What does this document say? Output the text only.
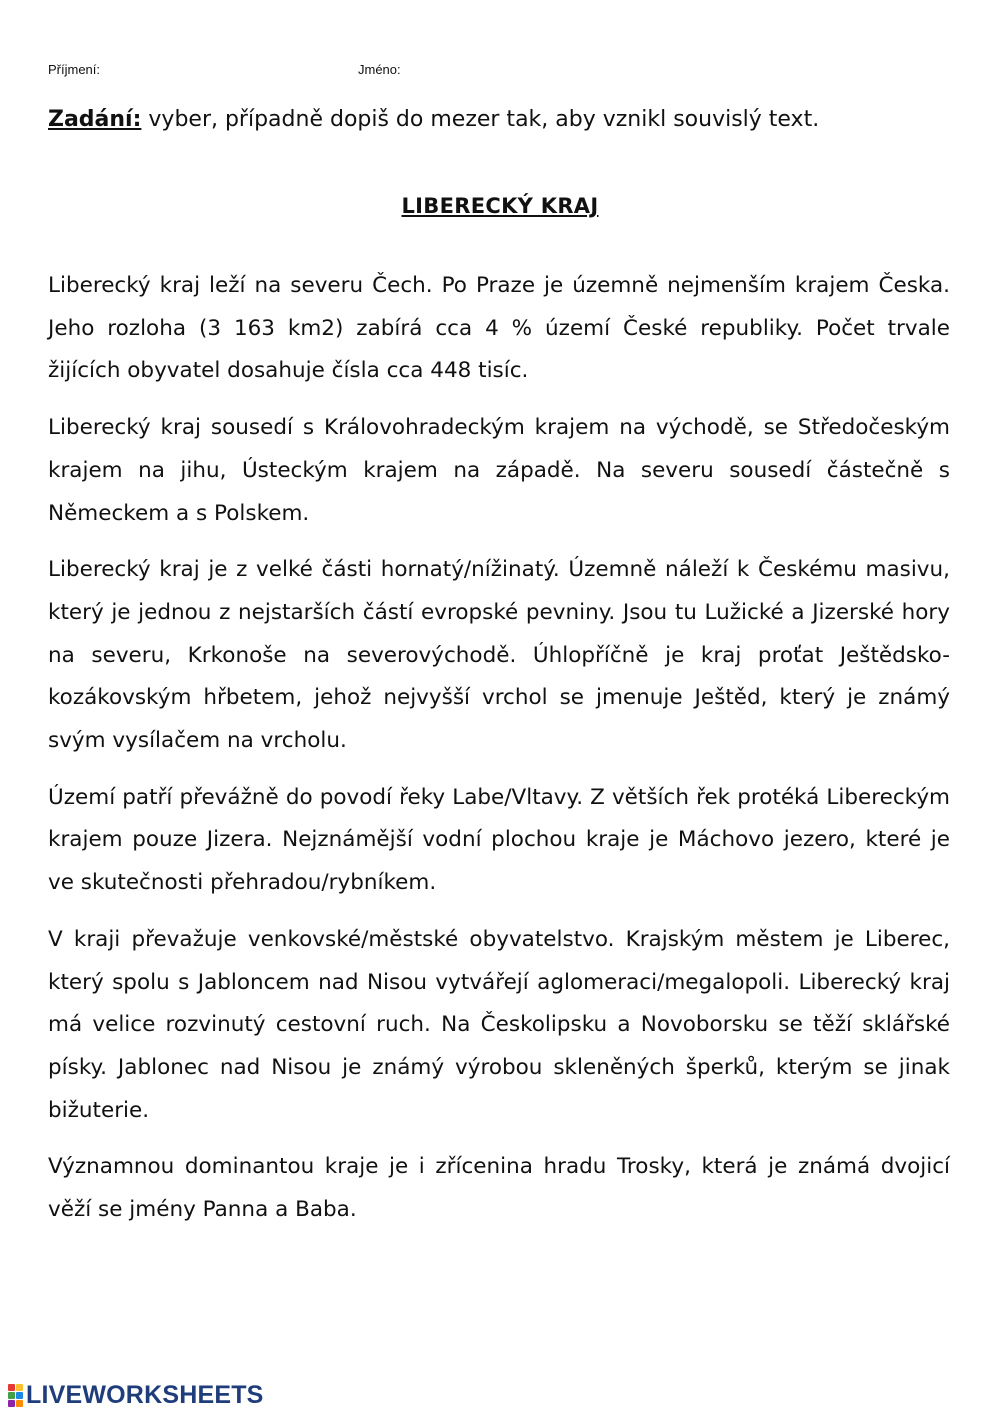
Příjmení:	Jméno:
Zadání: vyber, případně dopiš do mezer tak, aby vznikl souvislý text.
LIBERECKÝ KRAJ

Liberecký kraj leží na severu Čech. Po Praze je územně nejmenším krajem Česka. Jeho rozloha (3 163 km2) zabírá cca 4 % území České republiky. Počet trvale žijících obyvatel dosahuje čísla cca 448 tisíc.

Liberecký kraj sousedí s Královohradeckým krajem na východě, se Středočeským krajem na jihu, Ústeckým krajem na západě. Na severu sousedí částečně s Německem a s Polskem.

Liberecký kraj je z velké části hornatý/nížinatý. Územně náleží k Českému masivu, který je jednou z nejstarších částí evropské pevniny. Jsou tu Lužické a Jizerské hory na severu, Krkonoše na severovýchodě. Úhlopříčně je kraj proťat Ještědsko-kozákovským hřbetem, jehož nejvyšší vrchol se jmenuje Ještěd, který je známý svým vysílačem na vrcholu.

Území patří převážně do povodí řeky Labe/Vltavy. Z větších řek protéká Libereckým krajem pouze Jizera. Nejznámější vodní plochou kraje je Máchovo jezero, které je ve skutečnosti přehradou/rybníkem.

V kraji převažuje venkovské/městské obyvatelstvo. Krajským městem je Liberec, který spolu s Jabloncem nad Nisou vytvářejí aglomeraci/megalopoli. Liberecký kraj má velice rozvinutý cestovní ruch. Na Českolipsku a Novoborsku se těží sklářské písky. Jablonec nad Nisou je známý výrobou skleněných šperků, kterým se jinak bižuterie.

Významnou dominantou kraje je i zřícenina hradu Trosky, která je známá dvojicí věží se jmény Panna a Baba.

LIVEWORKSHEETS
